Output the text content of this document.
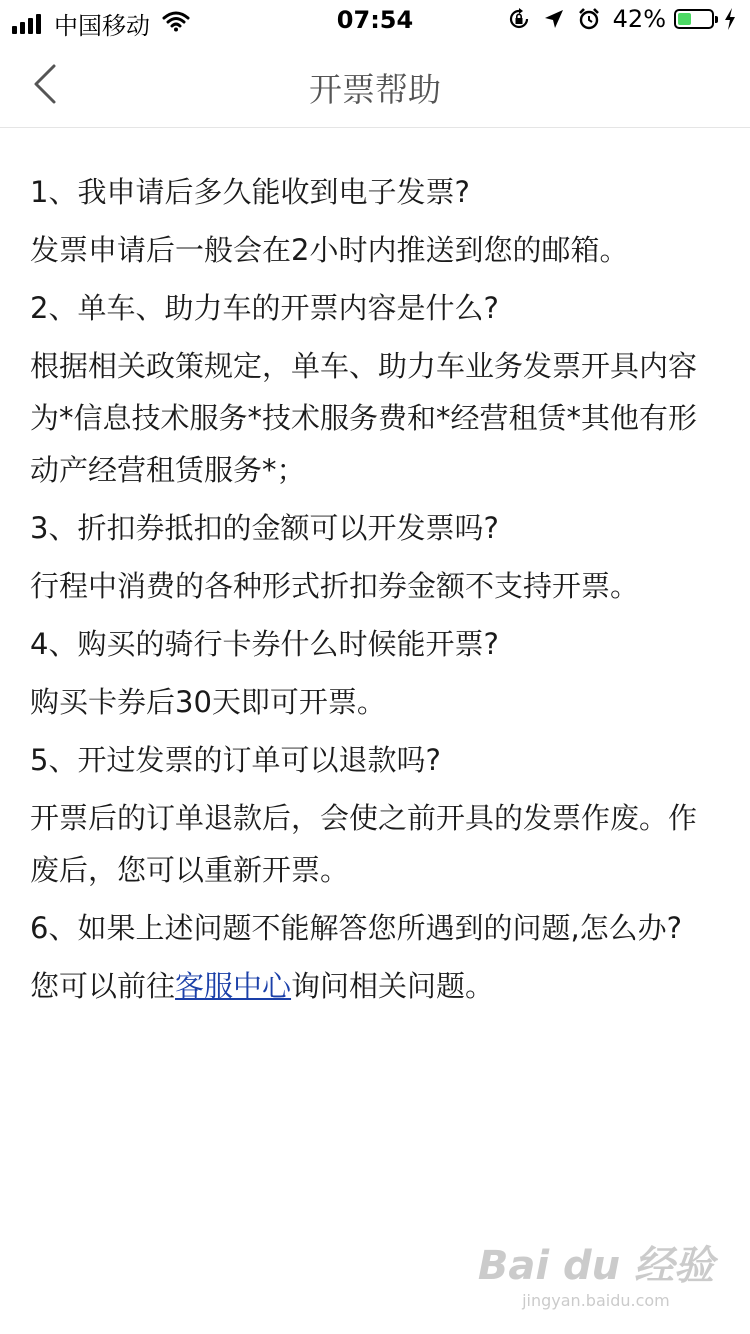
中国移动	07:54	42%
开票帮助

1、我申请后多久能收到电子发票?

发票申请后一般会在2小时内推送到您的邮箱。

2、单车、助力车的开票内容是什么?

根据相关政策规定，单车、助力车业务发票开具内容为*信息技术服务*技术服务费和*经营租赁*其他有形动产经营租赁服务*；

3、折扣券抵扣的金额可以开发票吗?

行程中消费的各种形式折扣券金额不支持开票。

4、购买的骑行卡券什么时候能开票?

购买卡券后30天即可开票。

5、开过发票的订单可以退款吗?

开票后的订单退款后，会使之前开具的发票作废。作废后，您可以重新开票。

6、如果上述问题不能解答您所遇到的问题,怎么办?

您可以前往客服中心询问相关问题。

Bai du 经验
jingyan.baidu.com
